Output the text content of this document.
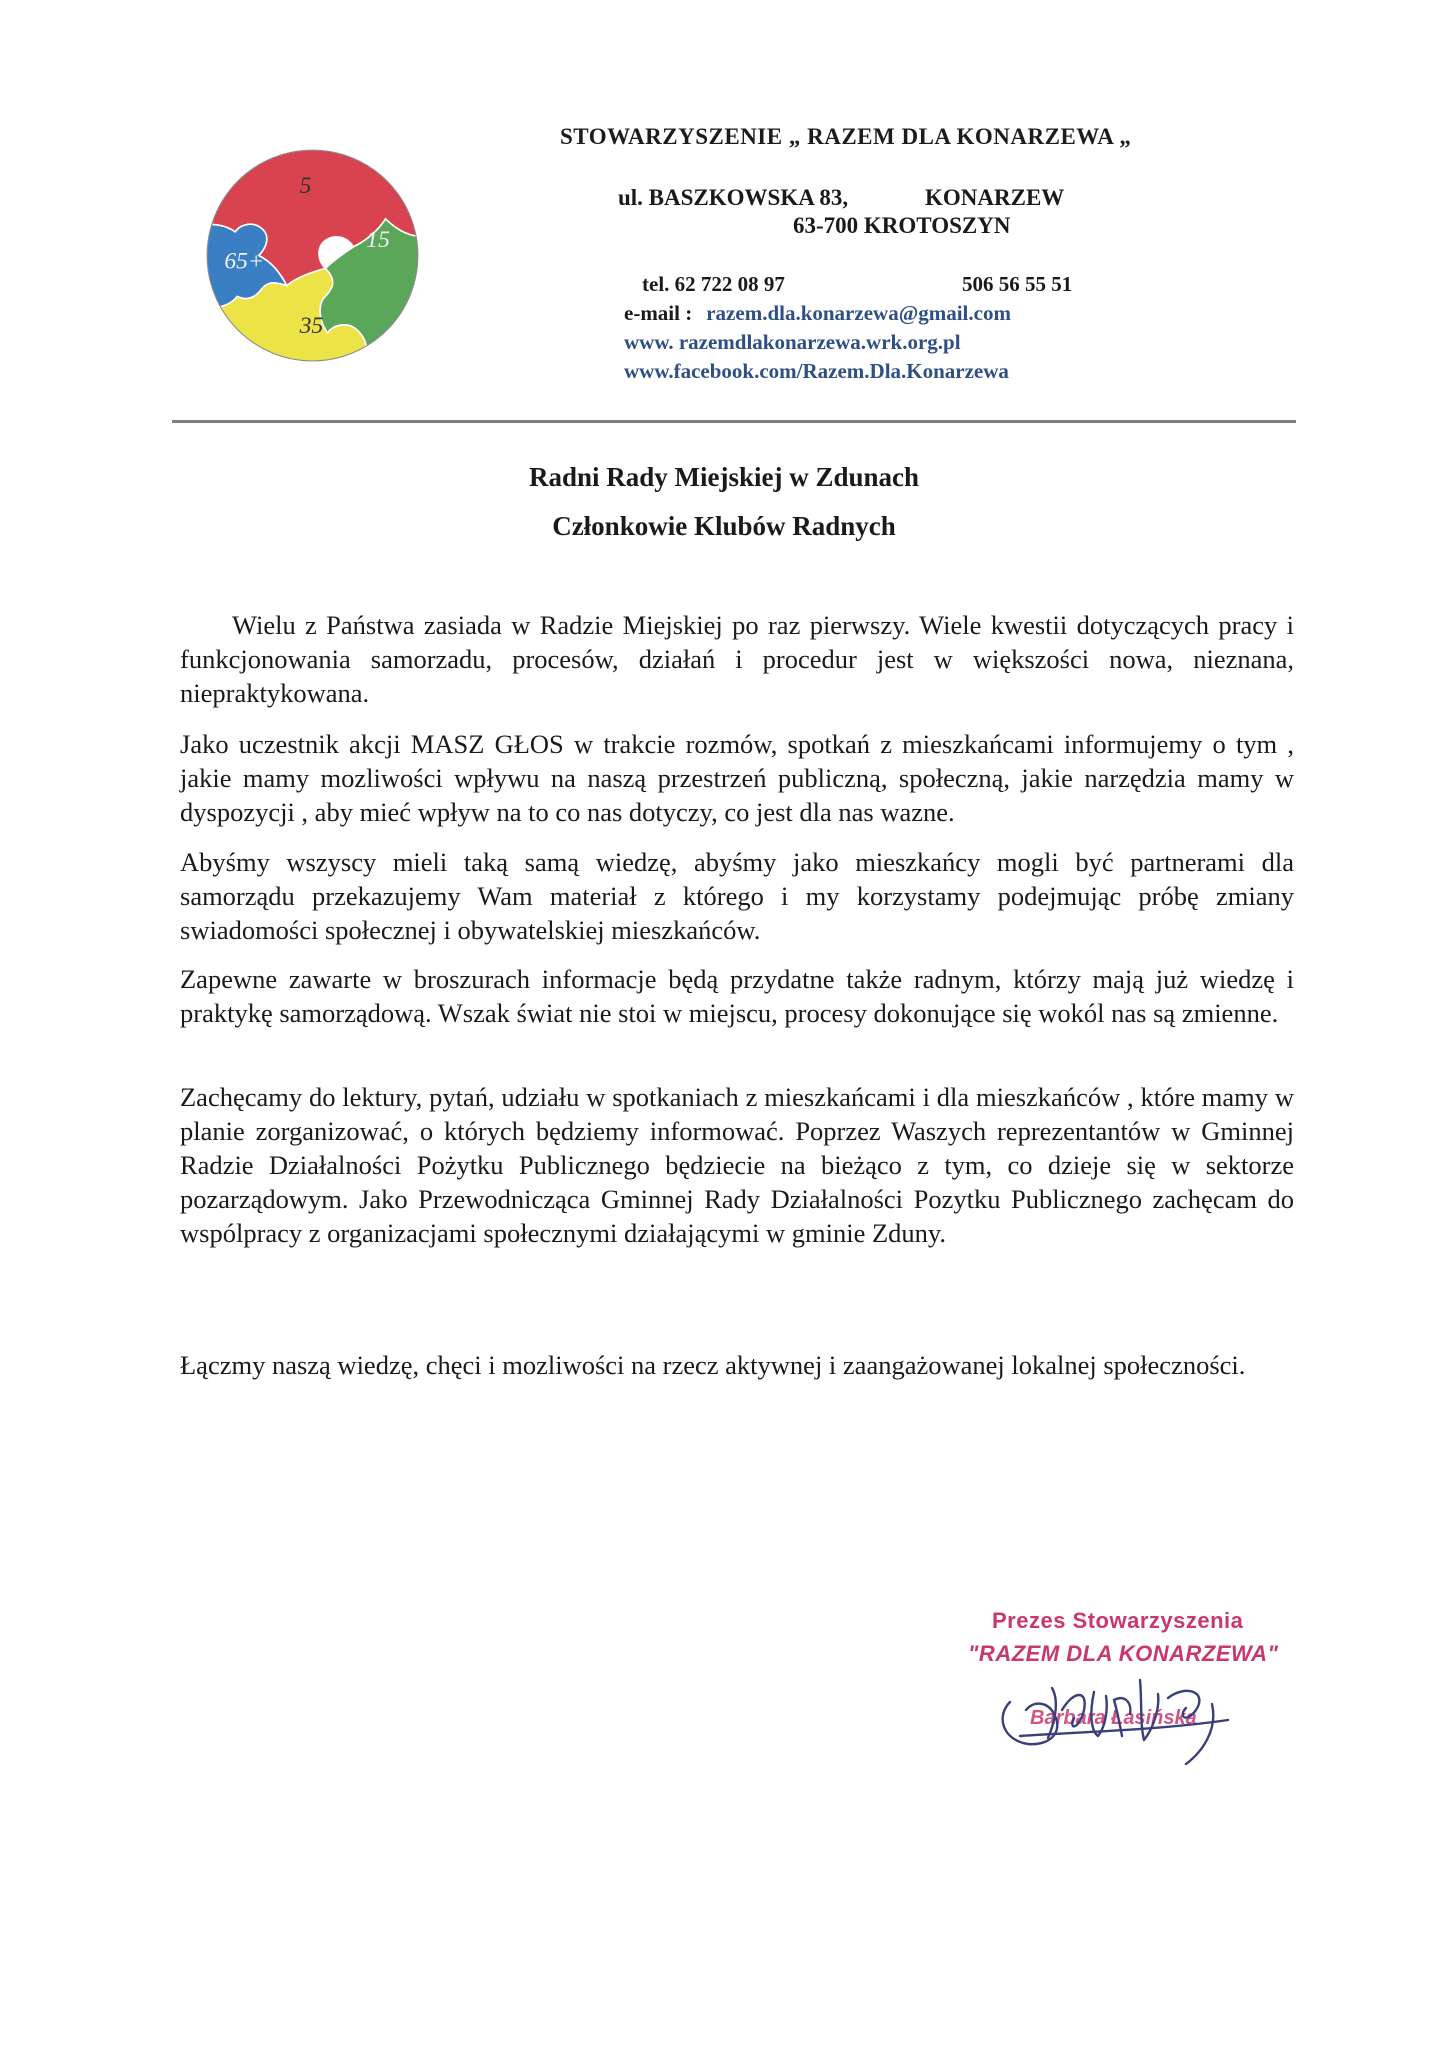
5
15
35
65+
STOWARZYSZENIE „ RAZEM DLA KONARZEWA „
ul. BASZKOWSKA 83,	KONARZEW
63-700 KROTOSZYN
tel. 62 722 08 97	506 56 55 51
e-mail : razem.dla.konarzewa@gmail.com
www. razemdlakonarzewa.wrk.org.pl
www.facebook.com/Razem.Dla.Konarzewa
Radni Rady Miejskiej w Zdunach
Członkowie Klubów Radnych
Wielu z Państwa zasiada w Radzie Miejskiej po raz pierwszy. Wiele kwestii dotyczących pracy i funkcjonowania samorzadu, procesów, działań i procedur jest w większości nowa, nieznana, niepraktykowana.
Jako uczestnik akcji MASZ GŁOS w trakcie rozmów, spotkań z mieszkańcami informujemy o tym , jakie mamy mozliwości wpływu na naszą przestrzeń publiczną, społeczną, jakie narzędzia mamy w dyspozycji , aby mieć wpływ na to co nas dotyczy, co jest dla nas wazne.
Abyśmy wszyscy mieli taką samą wiedzę, abyśmy jako mieszkańcy mogli być partnerami dla samorządu przekazujemy Wam materiał z którego i my korzystamy podejmując próbę zmiany swiadomości społecznej i obywatelskiej mieszkańców.
Zapewne zawarte w broszurach informacje będą przydatne także radnym, którzy mają już wiedzę i praktykę samorządową. Wszak świat nie stoi w miejscu, procesy dokonujące się wokól nas są zmienne.
Zachęcamy do lektury, pytań, udziału w spotkaniach z mieszkańcami i dla mieszkańców , które mamy w planie zorganizować, o których będziemy informować. Poprzez Waszych reprezentantów w Gminnej Radzie Działalności Pożytku Publicznego będziecie na bieżąco z tym, co dzieje się w sektorze pozarządowym. Jako Przewodnicząca Gminnej Rady Działalności Pozytku Publicznego zachęcam do wspólpracy z organizacjami społecznymi działającymi w gminie Zduny.
Łączmy naszą wiedzę, chęci i mozliwości na rzecz aktywnej i zaangażowanej lokalnej społeczności.
Prezes Stowarzyszenia
"RAZEM DLA KONARZEWA"
Barbara Łasińska
